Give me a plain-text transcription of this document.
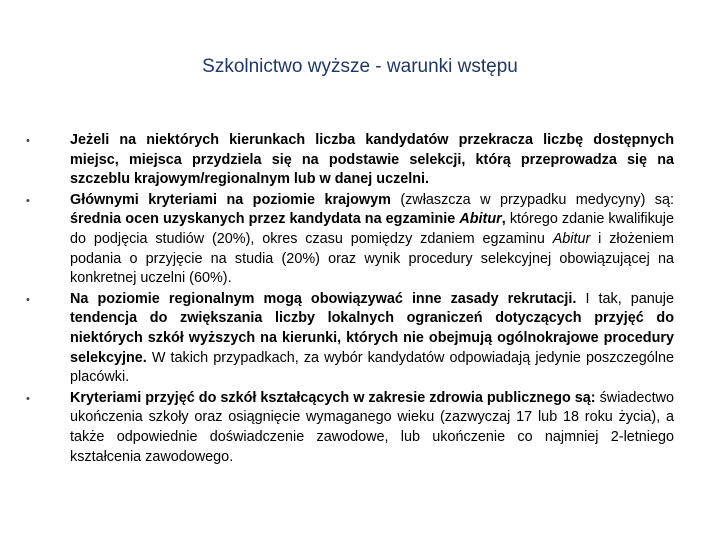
Szkolnictwo wyższe - warunki wstępu
•	Jeżeli na niektórych kierunkach liczba kandydatów przekracza liczbę dostępnych miejsc, miejsca przydziela się na podstawie selekcji, którą przeprowadza się na szczeblu krajowym/regionalnym lub w danej uczelni.
•	Głównymi kryteriami na poziomie krajowym (zwłaszcza w przypadku medycyny) są: średnia ocen uzyskanych przez kandydata na egzaminie Abitur, którego zdanie kwalifikuje do podjęcia studiów (20%), okres czasu pomiędzy zdaniem egzaminu Abitur i złożeniem podania o przyjęcie na studia (20%) oraz wynik procedury selekcyjnej obowiązującej na konkretnej uczelni (60%).
•	Na poziomie regionalnym mogą obowiązywać inne zasady rekrutacji. I tak, panuje tendencja do zwiększania liczby lokalnych ograniczeń dotyczących przyjęć do niektórych szkół wyższych na kierunki, których nie obejmują ogólnokrajowe procedury selekcyjne. W takich przypadkach, za wybór kandydatów odpowiadają jedynie poszczególne placówki.
•	Kryteriami przyjęć do szkół kształcących w zakresie zdrowia publicznego są: świadectwo ukończenia szkoły oraz osiągnięcie wymaganego wieku (zazwyczaj 17 lub 18 roku życia), a także odpowiednie doświadczenie zawodowe, lub ukończenie co najmniej 2-letniego kształcenia zawodowego.
